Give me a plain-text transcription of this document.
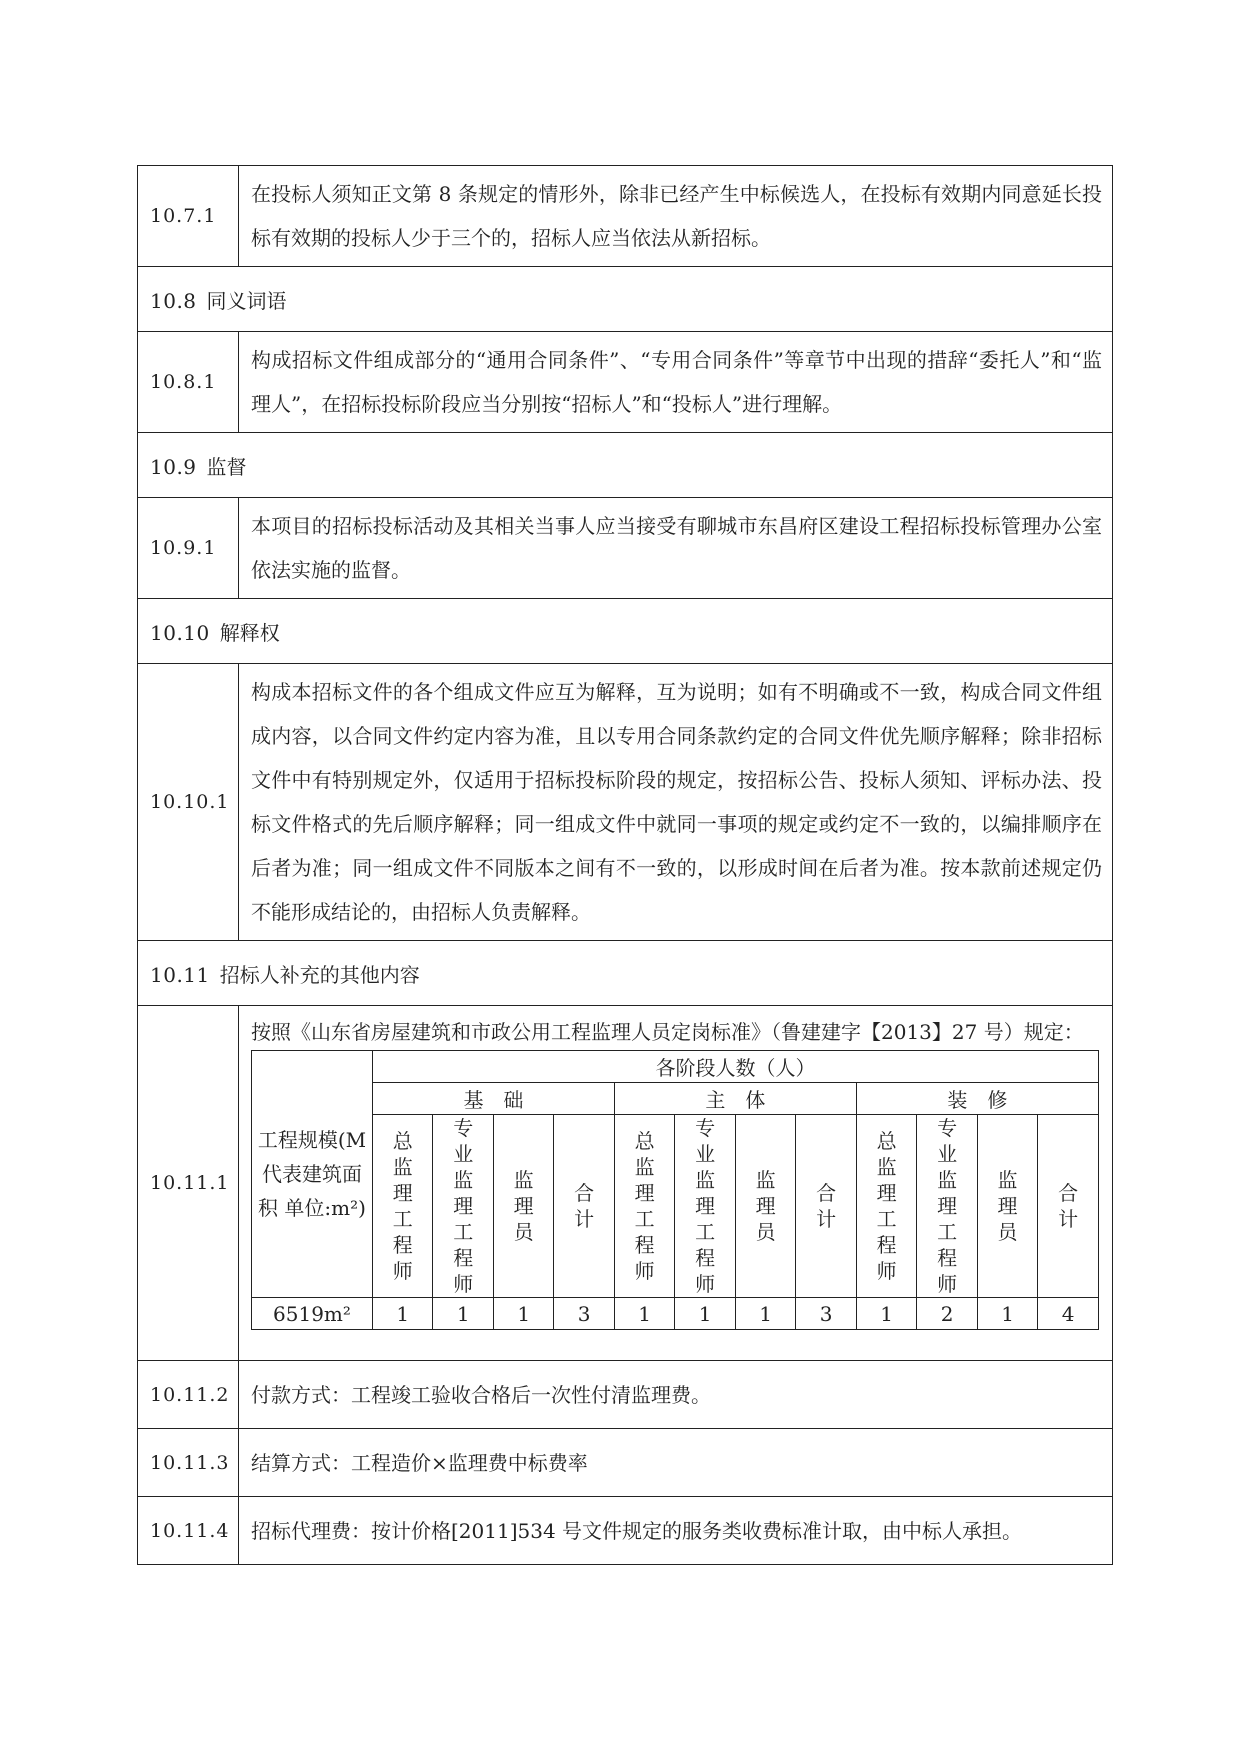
10.7.1	在投标人须知正文第 8 条规定的情形外，除非已经产生中标候选人，在投标有效期内同意延长投标有效期的投标人少于三个的，招标人应当依法从新招标。
10.8 同义词语
10.8.1	构成招标文件组成部分的“通用合同条件”、“专用合同条件”等章节中出现的措辞“委托人”和“监理人”，在招标投标阶段应当分别按“招标人”和“投标人”进行理解。
10.9 监督
10.9.1	本项目的招标投标活动及其相关当事人应当接受有聊城市东昌府区建设工程招标投标管理办公室依法实施的监督。
10.10 解释权
10.10.1	构成本招标文件的各个组成文件应互为解释，互为说明；如有不明确或不一致，构成合同文件组成内容，以合同文件约定内容为准，且以专用合同条款约定的合同文件优先顺序解释；除非招标文件中有特别规定外，仅适用于招标投标阶段的规定，按招标公告、投标人须知、评标办法、投标文件格式的先后顺序解释；同一组成文件中就同一事项的规定或约定不一致的，以编排顺序在后者为准；同一组成文件不同版本之间有不一致的，以形成时间在后者为准。按本款前述规定仍不能形成结论的，由招标人负责解释。
10.11 招标人补充的其他内容
10.11.1	
按照《山东省房屋建筑和市政公用工程监理人员定岗标准》（鲁建建字【2013】27 号）规定：
工程规模(M 代表建筑面积 单位:m²)	各阶段人数（人）
基　础	主　体	装　修
总监理工程师	专业监理工程师	监理员	合计	总监理工程师	专业监理工程师	监理员	合计	总监理工程师	专业监理工程师	监理员	合计
6519m²	1	1	1	3	1	1	1	3	1	2	1	4

10.11.2	付款方式：工程竣工验收合格后一次性付清监理费。
10.11.3	结算方式：工程造价×监理费中标费率
10.11.4	招标代理费：按计价格[2011]534 号文件规定的服务类收费标准计取，由中标人承担。
